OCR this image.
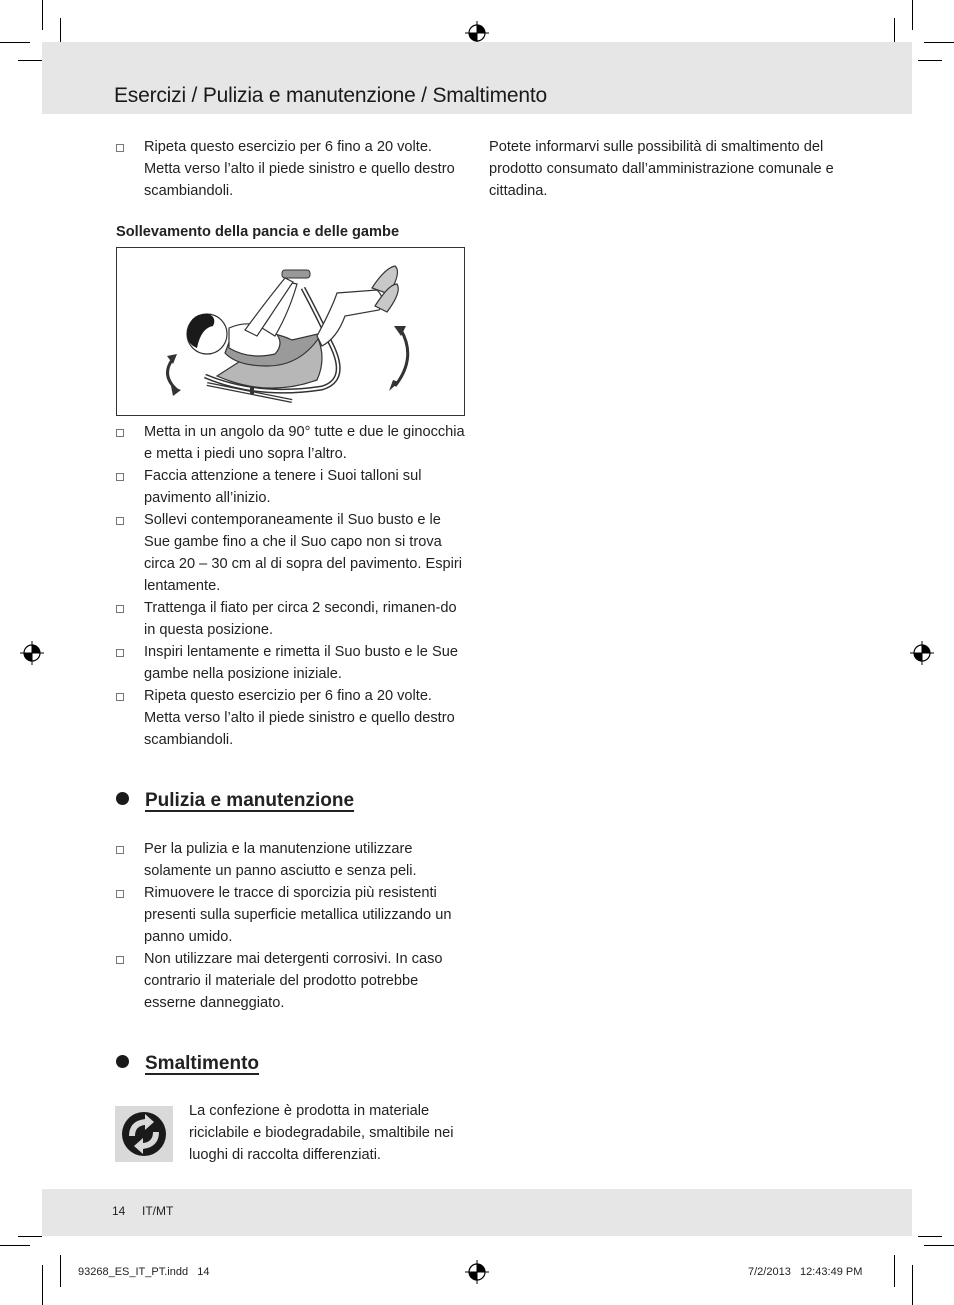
Esercizi / Pulizia e manutenzione / Smaltimento
Ripeta questo esercizio per 6 fino a 20 volte. Metta verso l’alto il piede sinistro e quello destro scambiandoli.
Sollevamento della pancia e delle gambe
Metta in un angolo da 90° tutte e due le ginocchia e metta i piedi uno sopra l’altro.
Faccia attenzione a tenere i Suoi talloni sul pavimento all’inizio.
Sollevi contemporaneamente il Suo busto e le Sue gambe fino a che il Suo capo non si trova circa 20 – 30 cm al di sopra del pavimento. Espiri lentamente.
Trattenga il fiato per circa 2 secondi, rimanen-do in questa posizione.
Inspiri lentamente e rimetta il Suo busto e le Sue gambe nella posizione iniziale.
Ripeta questo esercizio per 6 fino a 20 volte. Metta verso l’alto il piede sinistro e quello destro scambiandoli.
Pulizia e manutenzione
Per la pulizia e la manutenzione utilizzare solamente un panno asciutto e senza peli.
Rimuovere le tracce di sporcizia più resistenti presenti sulla superficie metallica utilizzando un panno umido.
Non utilizzare mai detergenti corrosivi. In caso contrario il materiale del prodotto potrebbe esserne danneggiato.
Smaltimento
La confezione è prodotta in materiale riciclabile e biodegradabile, smaltibile nei luoghi di raccolta differenziati.
Potete informarvi sulle possibilità di smaltimento del prodotto consumato dall’amministrazione comunale e cittadina.
14 IT/MT
93268_ES_IT_PT.indd   14	7/2/2013   12:43:49 PM
